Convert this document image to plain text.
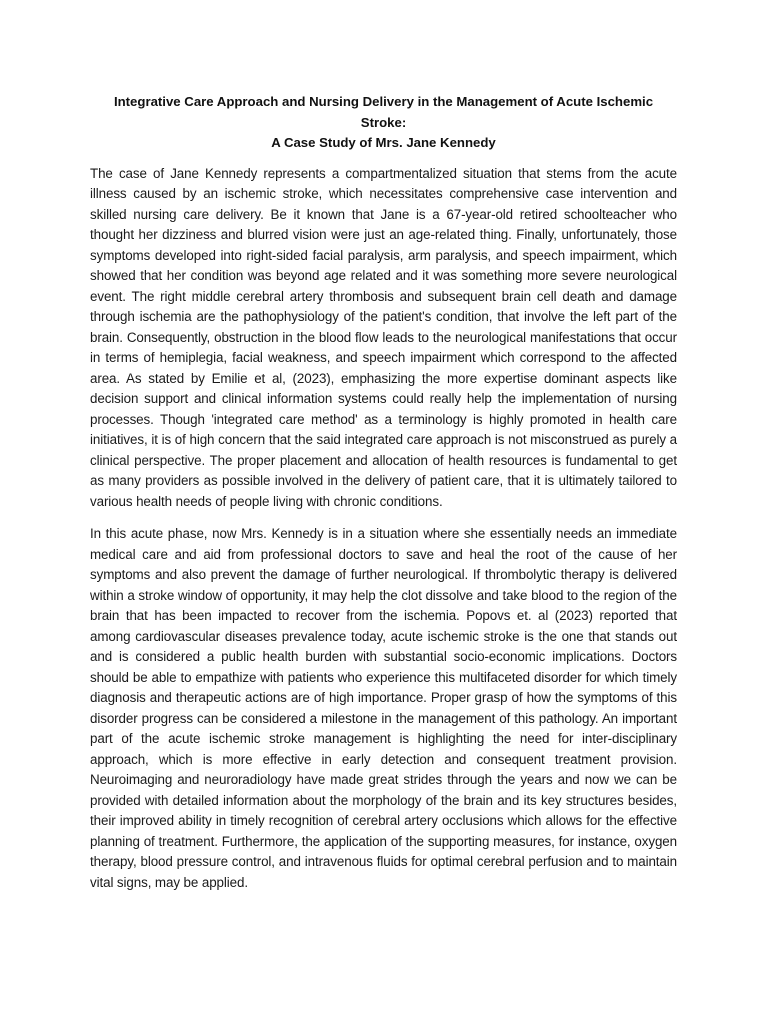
Integrative Care Approach and Nursing Delivery in the Management of Acute Ischemic Stroke:
A Case Study of Mrs. Jane Kennedy

The case of Jane Kennedy represents a compartmentalized situation that stems from the acute illness caused by an ischemic stroke, which necessitates comprehensive case intervention and skilled nursing care delivery. Be it known that Jane is a 67-year-old retired schoolteacher who thought her dizziness and blurred vision were just an age-related thing. Finally, unfortunately, those symptoms developed into right-sided facial paralysis, arm paralysis, and speech impairment, which showed that her condition was beyond age related and it was something more severe neurological event. The right middle cerebral artery thrombosis and subsequent brain cell death and damage through ischemia are the pathophysiology of the patient's condition, that involve the left part of the brain. Consequently, obstruction in the blood flow leads to the neurological manifestations that occur in terms of hemiplegia, facial weakness, and speech impairment which correspond to the affected area. As stated by Emilie et al, (2023), emphasizing the more expertise dominant aspects like decision support and clinical information systems could really help the implementation of nursing processes. Though 'integrated care method' as a terminology is highly promoted in health care initiatives, it is of high concern that the said integrated care approach is not misconstrued as purely a clinical perspective. The proper placement and allocation of health resources is fundamental to get as many providers as possible involved in the delivery of patient care, that it is ultimately tailored to various health needs of people living with chronic conditions.

In this acute phase, now Mrs. Kennedy is in a situation where she essentially needs an immediate medical care and aid from professional doctors to save and heal the root of the cause of her symptoms and also prevent the damage of further neurological. If thrombolytic therapy is delivered within a stroke window of opportunity, it may help the clot dissolve and take blood to the region of the brain that has been impacted to recover from the ischemia. Popovs et. al (2023) reported that among cardiovascular diseases prevalence today, acute ischemic stroke is the one that stands out and is considered a public health burden with substantial socio-economic implications. Doctors should be able to empathize with patients who experience this multifaceted disorder for which timely diagnosis and therapeutic actions are of high importance. Proper grasp of how the symptoms of this disorder progress can be considered a milestone in the management of this pathology. An important part of the acute ischemic stroke management is highlighting the need for inter-disciplinary approach, which is more effective in early detection and consequent treatment provision. Neuroimaging and neuroradiology have made great strides through the years and now we can be provided with detailed information about the morphology of the brain and its key structures besides, their improved ability in timely recognition of cerebral artery occlusions which allows for the effective planning of treatment. Furthermore, the application of the supporting measures, for instance, oxygen therapy, blood pressure control, and intravenous fluids for optimal cerebral perfusion and to maintain vital signs, may be applied.
